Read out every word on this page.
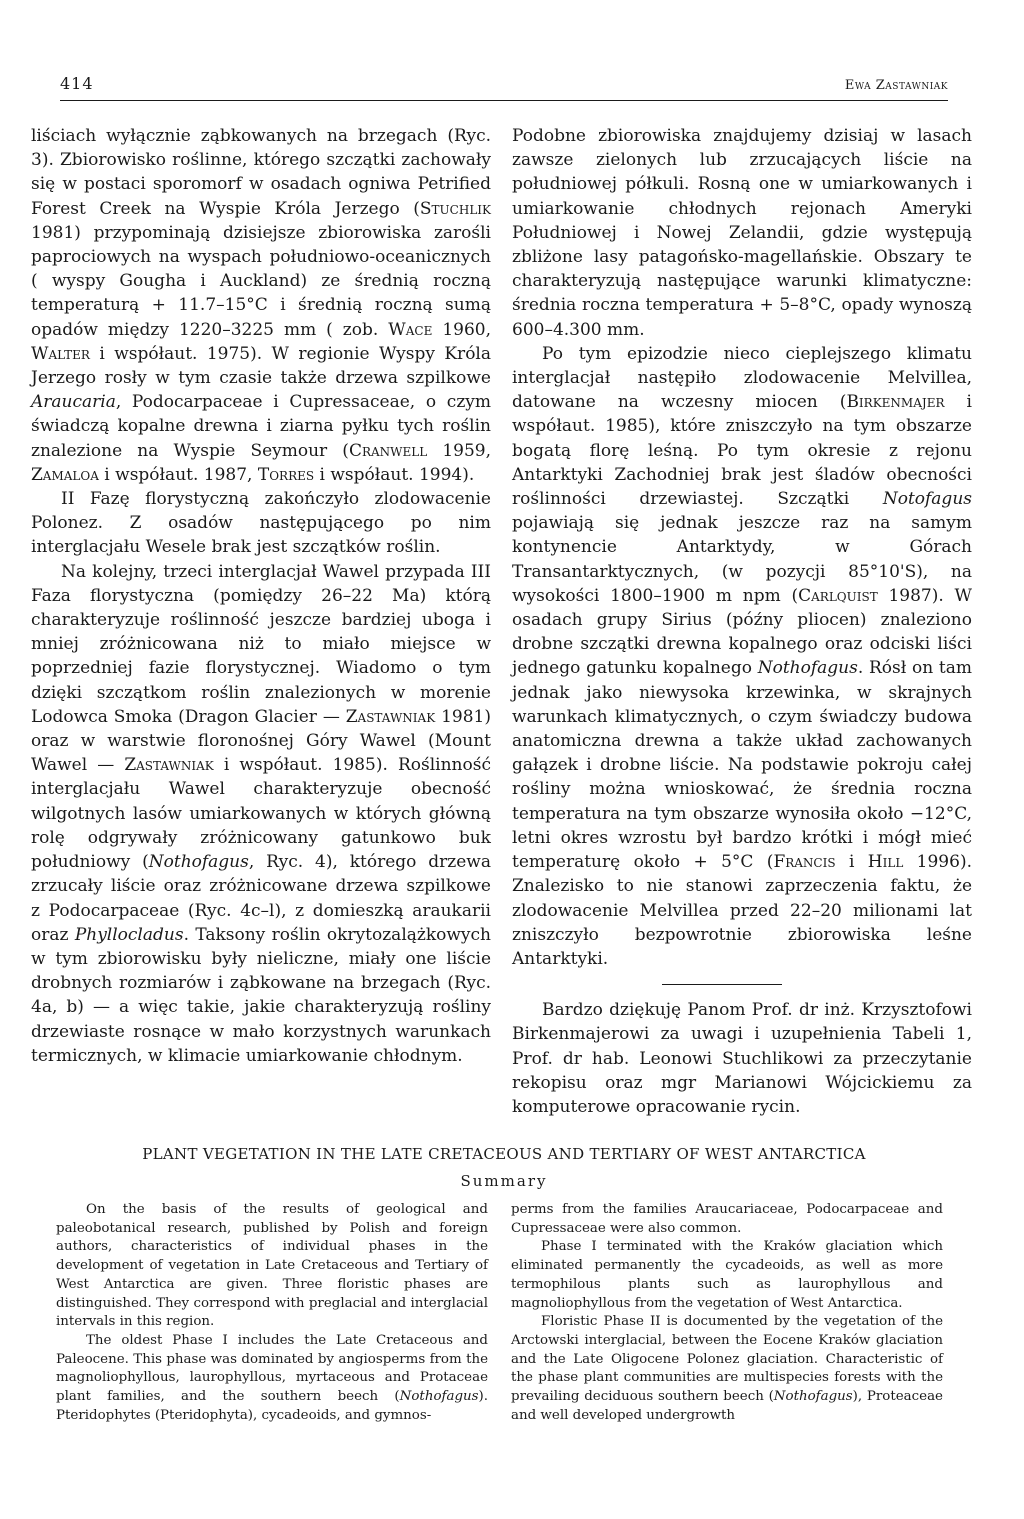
414	Ewa Zastawniak

liściach wyłącznie ząbkowanych na brzegach (Ryc. 3). Zbiorowisko roślinne, którego szczątki zachowały się w postaci sporomorf w osadach ogniwa Petrified Forest Creek na Wyspie Króla Jerzego (Stuchlik 1981) przypominają dzisiejsze zbiorowiska zarośli paprociowych na wyspach południowo-oceanicznych ( wyspy Gougha i Auckland) ze średnią roczną temperaturą + 11.7–15°C i średnią roczną sumą opadów między 1220–3225 mm ( zob. Wace 1960, Walter i współaut. 1975). W regionie Wyspy Króla Jerzego rosły w tym czasie także drzewa szpilkowe Araucaria, Podocarpaceae i Cupressaceae, o czym świadczą kopalne drewna i ziarna pyłku tych roślin znalezione na Wyspie Seymour (Cranwell 1959, Zamaloa i współaut. 1987, Torres i współaut. 1994).

II Fazę florystyczną zakończyło zlodowacenie Polonez. Z osadów następującego po nim interglacjału Wesele brak jest szczątków roślin.

Na kolejny, trzeci interglacjał Wawel przypada III Faza florystyczna (pomiędzy 26–22 Ma) którą charakteryzuje roślinność jeszcze bardziej uboga i mniej zróżnicowana niż to miało miejsce w poprzedniej fazie florystycznej. Wiadomo o tym dzięki szczątkom roślin znalezionych w morenie Lodowca Smoka (Dragon Glacier — Zastawniak 1981) oraz w warstwie floronośnej Góry Wawel (Mount Wawel — Zastawniak i współaut. 1985). Roślinność interglacjału Wawel charakteryzuje obecność wilgotnych lasów umiarkowanych w których główną rolę odgrywały zróżnicowany gatunkowo buk południowy (Nothofagus, Ryc. 4), którego drzewa zrzucały liście oraz zróżnicowane drzewa szpilkowe z Podocarpaceae (Ryc. 4c–l), z domieszką araukarii oraz Phyllocladus. Taksony roślin okrytozalążkowych w tym zbiorowisku były nieliczne, miały one liście drobnych rozmiarów i ząbkowane na brzegach (Ryc. 4a, b) — a więc takie, jakie charakteryzują rośliny drzewiaste rosnące w mało korzystnych warunkach termicznych, w klimacie umiarkowanie chłodnym.

Podobne zbiorowiska znajdujemy dzisiaj w lasach zawsze zielonych lub zrzucających liście na południowej półkuli. Rosną one w umiarkowanych i umiarkowanie chłodnych rejonach Ameryki Południowej i Nowej Zelandii, gdzie występują zbliżone lasy patagońsko-magellańskie. Obszary te charakteryzują następujące warunki klimatyczne: średnia roczna temperatura + 5–8°C, opady wynoszą 600–4.300 mm.

Po tym epizodzie nieco cieplejszego klimatu interglacjał następiło zlodowacenie Melvillea, datowane na wczesny miocen (Birkenmajer i współaut. 1985), które zniszczyło na tym obszarze bogatą florę leśną. Po tym okresie z rejonu Antarktyki Zachodniej brak jest śladów obecności roślinności drzewiastej. Szczątki Notofagus pojawiają się jednak jeszcze raz na samym kontynencie Antarktydy, w Górach Transantarktycznych, (w pozycji 85°10'S), na wysokości 1800–1900 m npm (Carlquist 1987). W osadach grupy Sirius (późny pliocen) znaleziono drobne szczątki drewna kopalnego oraz odciski liści jednego gatunku kopalnego Nothofagus. Rósł on tam jednak jako niewysoka krzewinka, w skrajnych warunkach klimatycznych, o czym świadczy budowa anatomiczna drewna a także układ zachowanych gałązek i drobne liście. Na podstawie pokroju całej rośliny można wnioskować, że średnia roczna temperatura na tym obszarze wynosiła około −12°C, letni okres wzrostu był bardzo krótki i mógł mieć temperaturę około + 5°C (Francis i Hill 1996). Znalezisko to nie stanowi zaprzeczenia faktu, że zlodowacenie Melvillea przed 22–20 milionami lat zniszczyło bezpowrotnie zbiorowiska leśne Antarktyki.

Bardzo dziękuję Panom Prof. dr inż. Krzysztofowi Birkenmajerowi za uwagi i uzupełnienia Tabeli 1, Prof. dr hab. Leonowi Stuchlikowi za przeczytanie rekopisu oraz mgr Marianowi Wójcickiemu za komputerowe opracowanie rycin.

PLANT VEGETATION IN THE LATE CRETACEOUS AND TERTIARY OF WEST ANTARCTICA
Summary

On the basis of the results of geological and paleobotanical research, published by Polish and foreign authors, characteristics of individual phases in the development of vegetation in Late Cretaceous and Tertiary of West Antarctica are given. Three floristic phases are distinguished. They correspond with preglacial and interglacial intervals in this region.

The oldest Phase I includes the Late Cretaceous and Paleocene. This phase was dominated by angiosperms from the magnoliophyllous, laurophyllous, myrtaceous and Protaceae plant families, and the southern beech (Nothofagus). Pteridophytes (Pteridophyta), cycadeoids, and gymnos-

perms from the families Araucariaceae, Podocarpaceae and Cupressaceae were also common.

Phase I terminated with the Kraków glaciation which eliminated permanently the cycadeoids, as well as more termophilous plants such as laurophyllous and magnoliophyllous from the vegetation of West Antarctica.

Floristic Phase II is documented by the vegetation of the Arctowski interglacial, between the Eocene Kraków glaciation and the Late Oligocene Polonez glaciation. Characteristic of the phase plant communities are multispecies forests with the prevailing deciduous southern beech (Nothofagus), Proteaceae and well developed undergrowth
